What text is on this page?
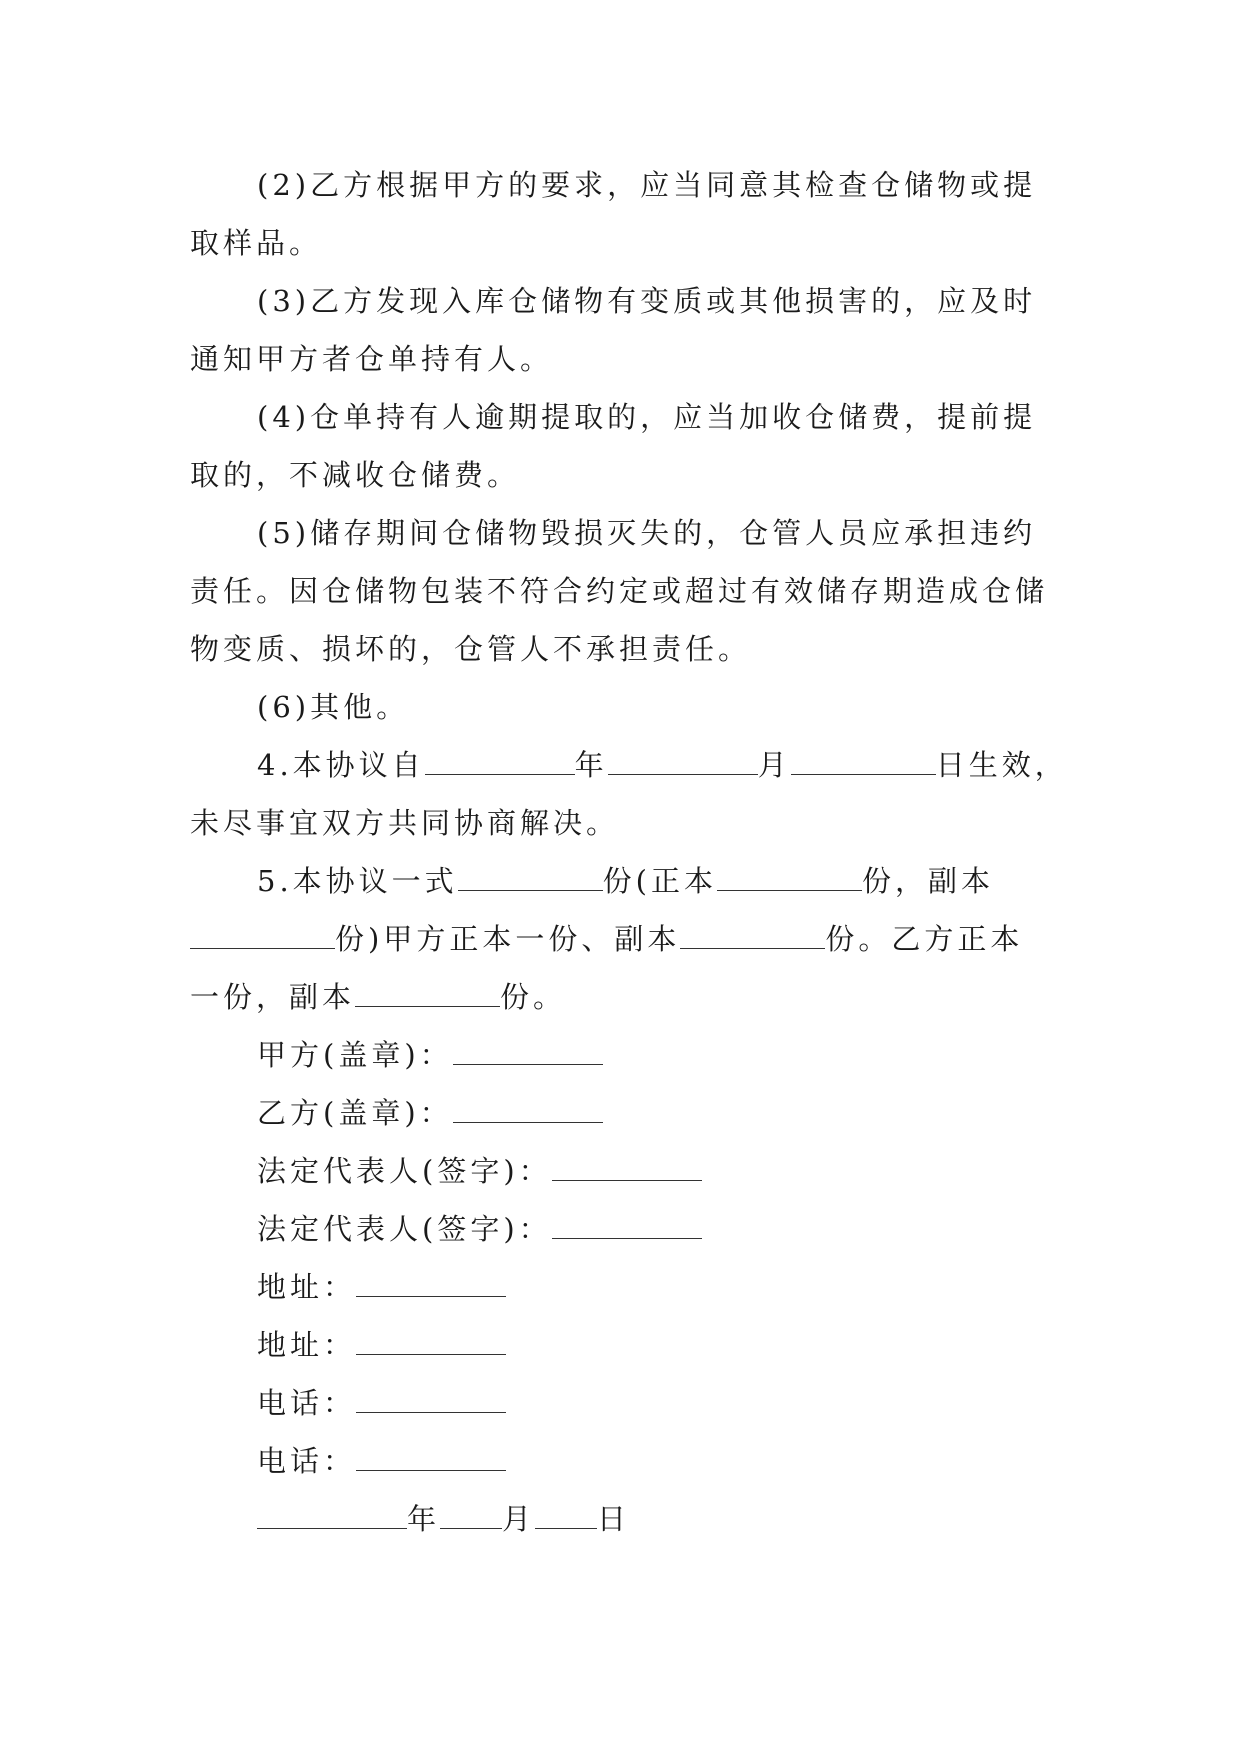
(2)乙方根据甲方的要求，应当同意其检查仓储物或提
取样品。
(3)乙方发现入库仓储物有变质或其他损害的，应及时
通知甲方者仓单持有人。
(4)仓单持有人逾期提取的，应当加收仓储费，提前提
取的，不减收仓储费。
(5)储存期间仓储物毁损灭失的，仓管人员应承担违约
责任。因仓储物包装不符合约定或超过有效储存期造成仓储
物变质、损坏的，仓管人不承担责任。
(6)其他。
4.本协议自	年	月	日生效，
未尽事宜双方共同协商解决。
5.本协议一式	份(正本	份，副本
份)甲方正本一份、副本	份。乙方正本
一份，副本	份。
甲方(盖章)：
乙方(盖章)：
法定代表人(签字)：
法定代表人(签字)：
地址：
地址：
电话：
电话：
年 月 日
